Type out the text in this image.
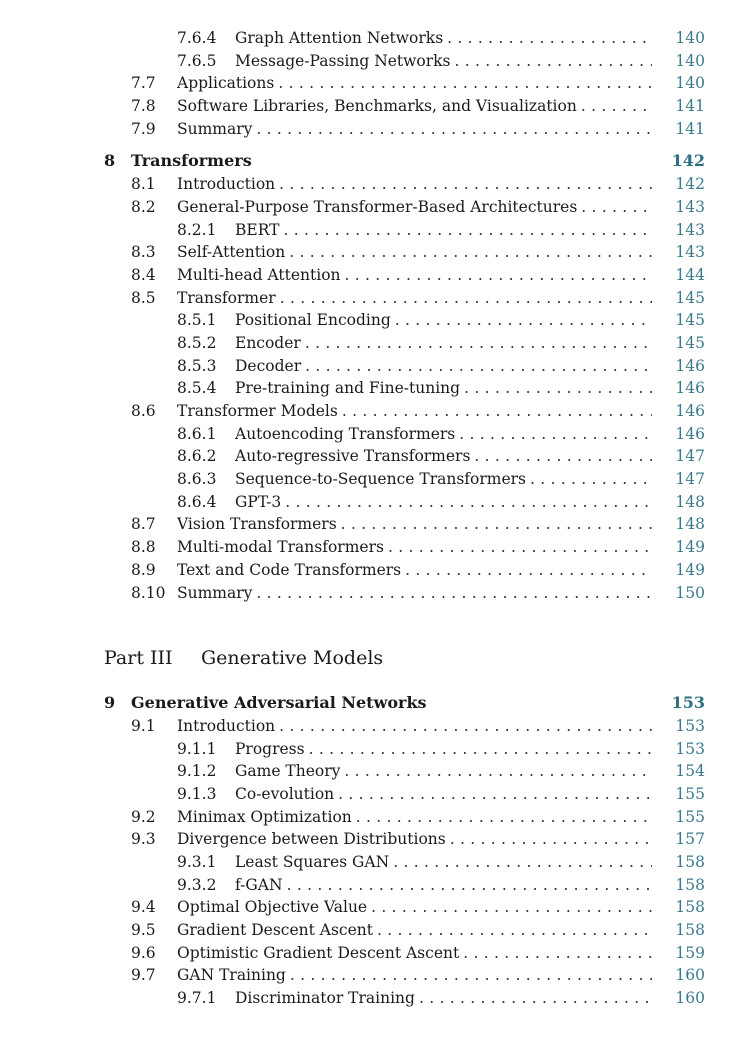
7.6.4 Graph Attention Networks . . .	140
7.6.5 Message-Passing Networks . . .	140
7.7 Applications . . .	140
7.8 Software Libraries, Benchmarks, and Visualization . . .	141
7.9 Summary . . .	141
8 Transformers	142
8.1 Introduction . . .	142
8.2 General-Purpose Transformer-Based Architectures . . .	143
8.2.1 BERT . . .	143
8.3 Self-Attention . . .	143
8.4 Multi-head Attention . . .	144
8.5 Transformer . . .	145
8.5.1 Positional Encoding . . .	145
8.5.2 Encoder . . .	145
8.5.3 Decoder . . .	146
8.5.4 Pre-training and Fine-tuning . . .	146
8.6 Transformer Models . . .	146
8.6.1 Autoencoding Transformers . . .	146
8.6.2 Auto-regressive Transformers . . .	147
8.6.3 Sequence-to-Sequence Transformers . . .	147
8.6.4 GPT-3 . . .	148
8.7 Vision Transformers . . .	148
8.8 Multi-modal Transformers . . .	149
8.9 Text and Code Transformers . . .	149
8.10 Summary . . .	150
Part III Generative Models
9 Generative Adversarial Networks	153
9.1 Introduction . . .	153
9.1.1 Progress . . .	153
9.1.2 Game Theory . . .	154
9.1.3 Co-evolution . . .	155
9.2 Minimax Optimization . . .	155
9.3 Divergence between Distributions . . .	157
9.3.1 Least Squares GAN . . .	158
9.3.2 f-GAN . . .	158
9.4 Optimal Objective Value . . .	158
9.5 Gradient Descent Ascent . . .	158
9.6 Optimistic Gradient Descent Ascent . . .	159
9.7 GAN Training . . .	160
9.7.1 Discriminator Training . . .	160
